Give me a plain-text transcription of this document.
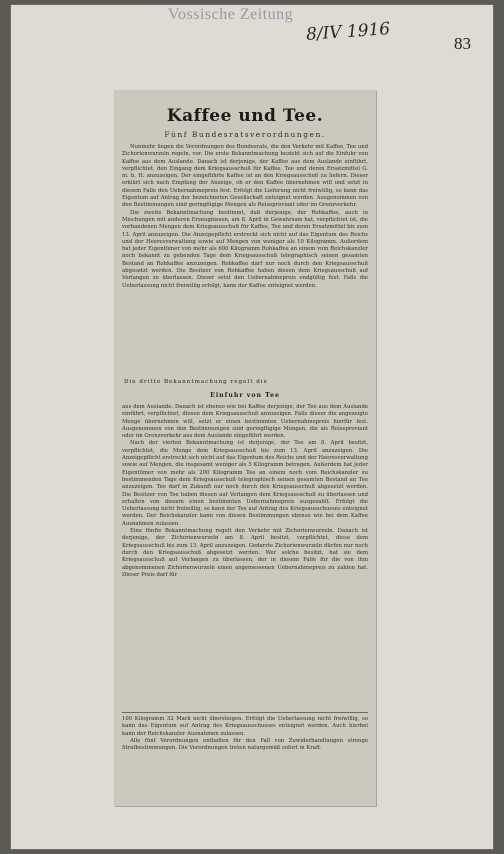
Vossische Zeitung
8/IV 1916	83
Kaffee und Tee.
Fünf Bundesratsverordnungen.

Nunmehr liegen die Verordnungen des Bundesrats, die den Verkehr mit Kaffee, Tee und Zichorienwurzeln regeln, vor. Die erste Bekanntmachung bezieht sich auf die Einfuhr von Kaffee aus dem Auslande. Danach ist derjenige, der Kaffee aus dem Auslande einführt, verpflichtet, den Eingang dem Kriegsausschuß für Kaffee, Tee und deren Ersatzmittel G. m. b. H. anzuzeigen. Der eingeführte Kaffee ist an den Kriegsausschuß zu liefern. Dieser erklärt sich nach Empfang der Anzeige, ob er den Kaffee übernehmen will und setzt in diesem Falle den Uebernahmepreis fest. Erfolgt die Lieferung nicht freiwillig, so kann das Eigentum auf Antrag der bezeichneten Gesellschaft enteignet werden. Ausgenommen von den Bestimmungen sind geringfügige Mengen als Reiseproviant oder im Grenzverkehr.

Die zweite Bekanntmachung bestimmt, daß derjenige, der Rohkaffee, auch in Mischungen mit anderen Erzeugnissen, am 8. April in Gewahrsam hat, verpflichtet ist, die vorhandenen Mengen dem Kriegsausschuß für Kaffee, Tee und deren Ersatzmittel bis zum 13. April anzuzeigen. Die Anzeigepflicht erstreckt sich nicht auf das Eigentum des Reichs und der Heeresverwaltung sowie auf Mengen von weniger als 10 Kilogramm. Außerdem hat jeder Eigentümer von mehr als 600 Kilogramm Rohkaffee an einem vom Reichskanzler noch bekannt zu gebenden Tage dem Kriegsausschuß telegraphisch seinen gesamten Bestand an Rohkaffee anzuzeigen. Rohkaffee darf nur noch durch den Kriegsausschuß abgesetzt werden. Die Besitzer von Rohkaffee haben diesen dem Kriegsausschuß auf Verlangen zu überlassen. Dieser setzt den Uebernahmepreis endgültig fest. Falls die Ueberlassung nicht freiwillig erfolgt, kann der Kaffee enteignet werden.

Die dritte Bekanntmachung regelt die
Einfuhr von Tee

aus dem Auslande. Danach ist ebenso wie bei Kaffee derjenige, der Tee aus dem Auslande einführt, verpflichtet, diesen dem Kriegsausschuß anzuzeigen. Falls dieser die angezeigte Menge übernehmen will, setzt er einen bestimmten Uebernahmepreis hierfür fest. Ausgenommen von den Bestimmungen sind geringfügige Mengen, die als Reiseproviant oder im Grenzverkehr aus dem Auslande eingeführt werden.

Nach der vierten Bekanntmachung ist derjenige, der Tee am 8. April besitzt, verpflichtet, die Menge dem Kriegsausschuß bis zum 13. April anzuzeigen. Die Anzeigepflicht erstreckt sich nicht auf das Eigentum des Reichs und der Heeresverwaltung sowie auf Mengen, die insgesamt weniger als 5 Kilogramm betragen. Außerdem hat jeder Eigentümer von mehr als 200 Kilogramm Tee an einem noch vom Reichskanzler zu bestimmenden Tage dem Kriegsausschuß telegraphisch seinen gesamten Bestand an Tee anzuzeigen. Tee darf in Zukunft nur noch durch den Kriegsausschuß abgesetzt werden. Die Besitzer von Tee haben diesen auf Verlangen dem Kriegsausschuß zu überlassen und erhalten von diesem einen bestimmten Uebernahmepreis ausgezahlt. Erfolgt die Ueberlassung nicht freiwillig, so kann der Tee auf Antrag des Kriegsausschusses enteignet werden. Der Reichskanzler kann von diesen Bestimmungen ebenso wie bei dem Kaffee Ausnahmen zulassen.

Eine fünfte Bekanntmachung regelt den Verkehr mit Zichorienwurzeln. Danach ist derjenige, der Zichorienwurzeln am 8. April besitzt, verpflichtet, diese dem Kriegsausschuß bis zum 13. April anzuzeigen. Gedarrte Zichorienwurzeln dürfen nur noch durch den Kriegsausschuß abgesetzt werden. Wer solche besitzt, hat sie dem Kriegsausschuß auf Verlangen zu überlassen, der in diesem Falle für die von ihm abgenommenen Zichorienwurzeln einen angemessenen Uebernahmepreis zu zahlen hat. Dieser Preis darf für

100 Kilogramm 32 Mark nicht übersteigen. Erfolgt die Ueberlassung nicht freiwillig, so kann das Eigentum auf Antrag des Kriegsausschusses enteignet werden. Auch hierbei kann der Reichskanzler Ausnahmen zulassen.

Alle fünf Verordnungen enthalten für den Fall von Zuwiderhandlungen strenge Strafbestimmungen. Die Verordnungen treten naturgemäß sofort in Kraft.
